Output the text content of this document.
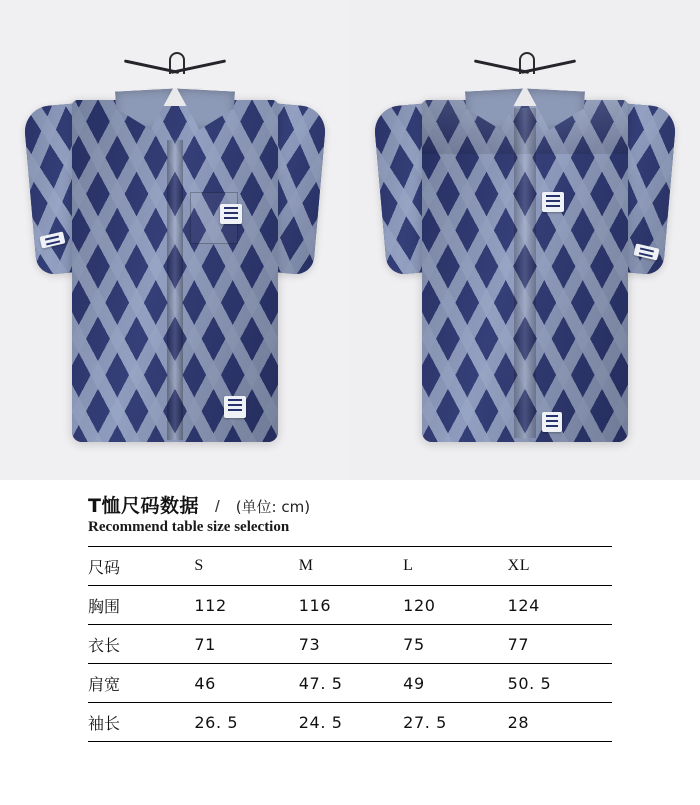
T恤尺码数据 /	(单位: cm)
Recommend table size selection
尺码	S	M	L	XL
胸围	112	116	120	124
衣长	71	73	75	77
肩宽	46	47. 5	49	50. 5
袖长	26. 5	24. 5	27. 5	28
